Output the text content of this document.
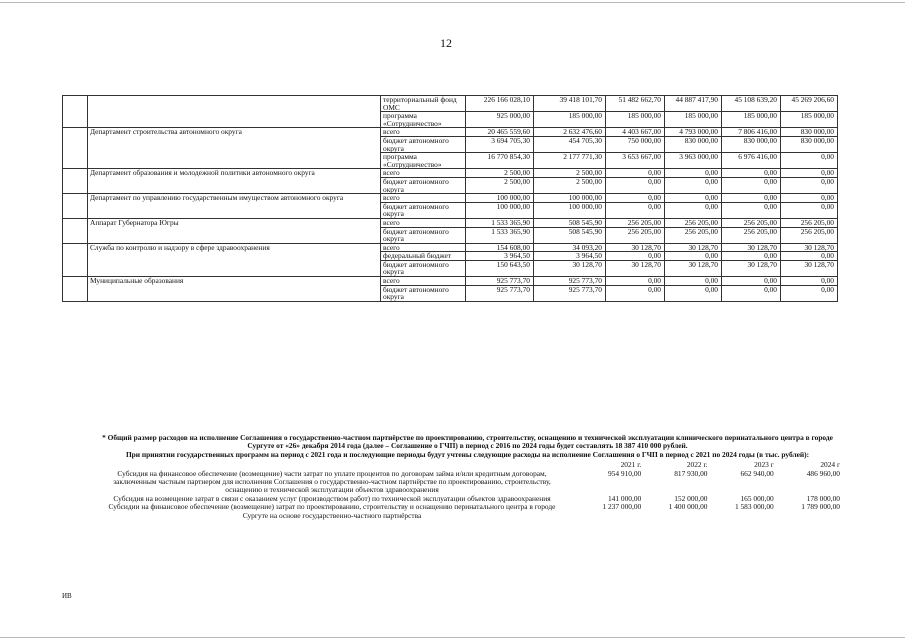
12
		территориальный фонд ОМС	226 166 028,10	39 418 101,70	51 482 662,70	44 887 417,90	45 108 639,20	45 269 206,60
		программа «Сотрудничество»	925 000,00	185 000,00	185 000,00	185 000,00	185 000,00	185 000,00
	Департамент строительства автономного округа	всего	20 465 559,60	2 632 476,60	4 403 667,00	4 793 000,00	7 806 416,00	830 000,00
		бюджет автономного округа	3 694 705,30	454 705,30	750 000,00	830 000,00	830 000,00	830 000,00
		программа «Сотрудничество»	16 770 854,30	2 177 771,30	3 653 667,00	3 963 000,00	6 976 416,00	0,00
	Департамент образования и молодежной политики автономного округа	всего	2 500,00	2 500,00	0,00	0,00	0,00	0,00
		бюджет автономного округа	2 500,00	2 500,00	0,00	0,00	0,00	0,00
	Департамент по управлению государственным имуществом автономного округа	всего	100 000,00	100 000,00	0,00	0,00	0,00	0,00
		бюджет автономного округа	100 000,00	100 000,00	0,00	0,00	0,00	0,00
	Аппарат Губернатора Югры	всего	1 533 365,90	508 545,90	256 205,00	256 205,00	256 205,00	256 205,00
		бюджет автономного округа	1 533 365,90	508 545,90	256 205,00	256 205,00	256 205,00	256 205,00
	Служба по контролю и надзору в сфере здравоохранения	всего	154 608,00	34 093,20	30 128,70	30 128,70	30 128,70	30 128,70
		федеральный бюджет	3 964,50	3 964,50	0,00	0,00	0,00	0,00
		бюджет автономного округа	150 643,50	30 128,70	30 128,70	30 128,70	30 128,70	30 128,70
	Муниципальные образования	всего	925 773,70	925 773,70	0,00	0,00	0,00	0,00
		бюджет автономного округа	925 773,70	925 773,70	0,00	0,00	0,00	0,00
* Общий размер расходов на исполнение Соглашения о государственно-частном партнёрстве по проектированию, строительству, оснащению и технической эксплуатации клинического перинатального центра в городе Сургуте от «26» декабря 2014 года (далее – Соглашение о ГЧП) в период с 2016 по 2024 годы будет составлять 18 387 410 000 рублей.
При принятии государственных программ на период с 2021 года и последующие периоды будут учтены следующие расходы на исполнение Соглашения о ГЧП в период с 2021 по 2024 годы (в тыс. рублей):
	2021 г.	2022 г.	2023 г	2024 г
Субсидия на финансовое обеспечение (возмещение) части затрат по уплате процентов по договорам займа и/или кредитным договорам, заключенным частным партнером для исполнения Соглашения о государственно-частном партнёрстве по проектированию, строительству, оснащению и технической эксплуатации объектов здравоохранения	954 910,00	817 930,00	662 940,00	486 960,00
Субсидия на возмещение затрат в связи с оказанием услуг (производством работ) по технической эксплуатации объектов здравоохранения	141 000,00	152 000,00	165 000,00	178 000,00
Субсидии на финансовое обеспечение (возмещение) затрат по проектированию, строительству и оснащению перинатального центра в городе Сургуте на основе государственно-частного партнёрства	1 237 000,00	1 400 000,00	1 583 000,00	1 789 000,00
ИВ
